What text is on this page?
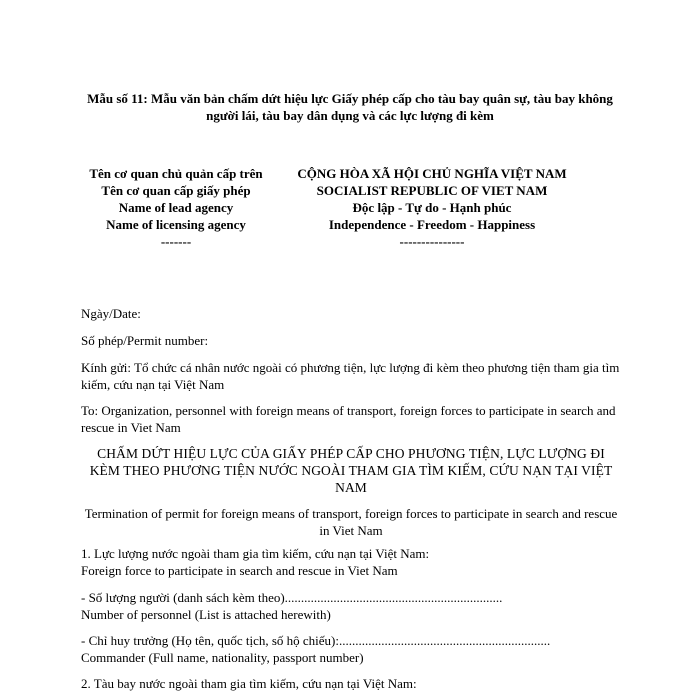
Mẫu số 11: Mẫu văn bản chấm dứt hiệu lực Giấy phép cấp cho tàu bay quân sự, tàu bay không người lái, tàu bay dân dụng và các lực lượng đi kèm
Tên cơ quan chủ quản cấp trên
Tên cơ quan cấp giấy phép
Name of lead agency
Name of licensing agency
-------
CỘNG HÒA XÃ HỘI CHỦ NGHĨA VIỆT NAM
SOCIALIST REPUBLIC OF VIET NAM
Độc lập - Tự do - Hạnh phúc
Independence - Freedom - Happiness
---------------
Ngày/Date:
Số phép/Permit number:
Kính gửi: Tổ chức cá nhân nước ngoài có phương tiện, lực lượng đi kèm theo phương tiện tham gia tìm kiếm, cứu nạn tại Việt Nam
To: Organization, personnel with foreign means of transport, foreign forces to participate in search and rescue in Viet Nam
CHẤM DỨT HIỆU LỰC CỦA GIẤY PHÉP CẤP CHO PHƯƠNG TIỆN, LỰC LƯỢNG ĐI KÈM THEO PHƯƠNG TIỆN NƯỚC NGOÀI THAM GIA TÌM KIẾM, CỨU NẠN TẠI VIỆT NAM
Termination of permit for foreign means of transport, foreign forces to participate in search and rescue in Viet Nam
1. Lực lượng nước ngoài tham gia tìm kiếm, cứu nạn tại Việt Nam:
Foreign force to participate in search and rescue in Viet Nam
- Số lượng người (danh sách kèm theo)...................................................................
Number of personnel (List is attached herewith)
- Chỉ huy trưởng (Họ tên, quốc tịch, số hộ chiếu):.................................................................
Commander (Full name, nationality, passport number)
2. Tàu bay nước ngoài tham gia tìm kiếm, cứu nạn tại Việt Nam:
